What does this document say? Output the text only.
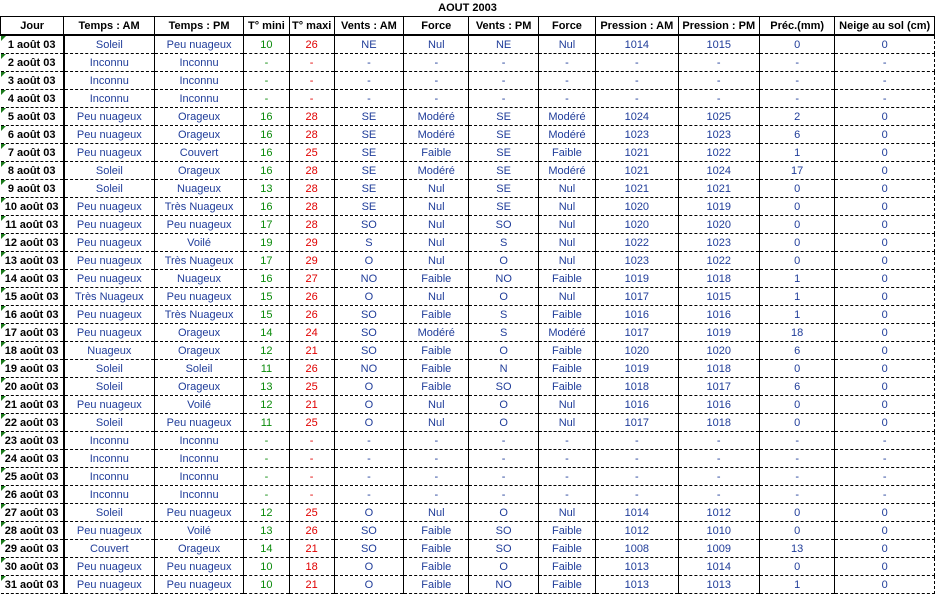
AOUT 2003												
Jour	Temps : AM	Temps : PM	T° mini	T° maxi	Vents : AM	Force	Vents : PM	Force	Pression : AM	Pression : PM	Préc.(mm)	Neige au sol (cm)
1 août 03	Soleil	Peu nuageux	10	26	NE	Nul	NE	Nul	1014	1015	0	0
2 août 03	Inconnu	Inconnu	-	-	-	-	-	-	-	-	-	-
3 août 03	Inconnu	Inconnu	-	-	-	-	-	-	-	-	-	-
4 août 03	Inconnu	Inconnu	-	-	-	-	-	-	-	-	-	-
5 août 03	Peu nuageux	Orageux	16	28	SE	Modéré	SE	Modéré	1024	1025	2	0
6 août 03	Peu nuageux	Orageux	16	28	SE	Modéré	SE	Modéré	1023	1023	6	0
7 août 03	Peu nuageux	Couvert	16	25	SE	Faible	SE	Faible	1021	1022	1	0
8 août 03	Soleil	Orageux	16	28	SE	Modéré	SE	Modéré	1021	1024	17	0
9 août 03	Soleil	Nuageux	13	28	SE	Nul	SE	Nul	1021	1021	0	0
10 août 03	Peu nuageux	Très Nuageux	16	28	SE	Nul	SE	Nul	1020	1019	0	0
11 août 03	Peu nuageux	Peu nuageux	17	28	SO	Nul	SO	Nul	1020	1020	0	0
12 août 03	Peu nuageux	Voilé	19	29	S	Nul	S	Nul	1022	1023	0	0
13 août 03	Peu nuageux	Très Nuageux	17	29	O	Nul	O	Nul	1023	1022	0	0
14 août 03	Peu nuageux	Nuageux	16	27	NO	Faible	NO	Faible	1019	1018	1	0
15 août 03	Très Nuageux	Peu nuageux	15	26	O	Nul	O	Nul	1017	1015	1	0
16 août 03	Peu nuageux	Très Nuageux	15	26	SO	Faible	S	Faible	1016	1016	1	0
17 août 03	Peu nuageux	Orageux	14	24	SO	Modéré	S	Modéré	1017	1019	18	0
18 août 03	Nuageux	Orageux	12	21	SO	Faible	O	Faible	1020	1020	6	0
19 août 03	Soleil	Soleil	11	26	NO	Faible	N	Faible	1019	1018	0	0
20 août 03	Soleil	Orageux	13	25	O	Faible	SO	Faible	1018	1017	6	0
21 août 03	Peu nuageux	Voilé	12	21	O	Nul	O	Nul	1016	1016	0	0
22 août 03	Soleil	Peu nuageux	11	25	O	Nul	O	Nul	1017	1018	0	0
23 août 03	Inconnu	Inconnu	-	-	-	-	-	-	-	-	-	-
24 août 03	Inconnu	Inconnu	-	-	-	-	-	-	-	-	-	-
25 août 03	Inconnu	Inconnu	-	-	-	-	-	-	-	-	-	-
26 août 03	Inconnu	Inconnu	-	-	-	-	-	-	-	-	-	-
27 août 03	Soleil	Peu nuageux	12	25	O	Nul	O	Nul	1014	1012	0	0
28 août 03	Peu nuageux	Voilé	13	26	SO	Faible	SO	Faible	1012	1010	0	0
29 août 03	Couvert	Orageux	14	21	SO	Faible	SO	Faible	1008	1009	13	0
30 août 03	Peu nuageux	Peu nuageux	10	18	O	Faible	O	Faible	1013	1014	0	0
31 août 03	Peu nuageux	Peu nuageux	10	21	O	Faible	NO	Faible	1013	1013	1	0
